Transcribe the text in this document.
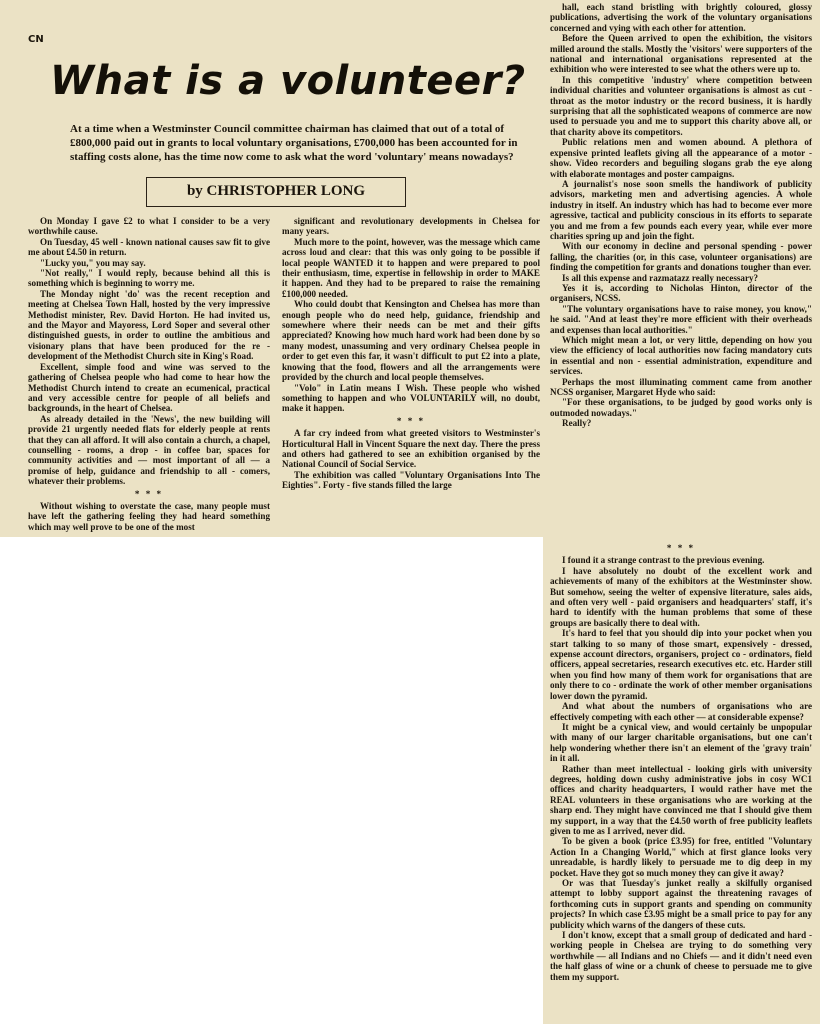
CN
What is a volunteer?

At a time when a Westminster Council committee chairman has claimed that out of a total of £800,000 paid out in grants to local voluntary organisations, £700,000 has been accounted for in staffing costs alone, has the time now come to ask what the word 'voluntary' means nowadays?

by CHRISTOPHER LONG

On Monday I gave £2 to what I consider to be a very worthwhile cause.

On Tuesday, 45 well - known national causes saw fit to give me about £4.50 in return.

"Lucky you," you may say.

"Not really," I would reply, because behind all this is something which is beginning to worry me.

The Monday night 'do' was the recent reception and meeting at Chelsea Town Hall, hosted by the very impressive Methodist minister, Rev. David Horton. He had invited us, and the Mayor and Mayoress, Lord Soper and several other distinguished guests, in order to outline the ambitious and visionary plans that have been produced for the re - development of the Methodist Church site in King's Road.

Excellent, simple food and wine was served to the gathering of Chelsea people who had come to hear how the Methodist Church intend to create an ecumenical, practical and very accessible centre for people of all beliefs and backgrounds, in the heart of Chelsea.

As already detailed in the 'News', the new building will provide 21 urgently needed flats for elderly people at rents that they can all afford. It will also contain a church, a chapel, counselling - rooms, a drop - in coffee bar, spaces for community activities and — most important of all — a promise of help, guidance and friendship to all - comers, whatever their problems.

* * *

Without wishing to overstate the case, many people must have left the gathering feeling they had heard something which may well prove to be one of the most

significant and revolutionary developments in Chelsea for many years.

Much more to the point, however, was the message which came across loud and clear: that this was only going to be possible if local people WANTED it to happen and were prepared to pool their enthusiasm, time, expertise in fellowship in order to MAKE it happen. And they had to be prepared to raise the remaining £100,000 needed.

Who could doubt that Kensington and Chelsea has more than enough people who do need help, guidance, friendship and somewhere where their needs can be met and their gifts appreciated? Knowing how much hard work had been done by so many modest, unassuming and very ordinary Chelsea people in order to get even this far, it wasn't difficult to put £2 into a plate, knowing that the food, flowers and all the arrangements were provided by the church and local people themselves.

"Volo" in Latin means I Wish. These people who wished something to happen and who VOLUNTARILY will, no doubt, make it happen.

* * *

A far cry indeed from what greeted visitors to Westminster's Horticultural Hall in Vincent Square the next day. There the press and others had gathered to see an exhibition organised by the National Council of Social Service.

The exhibition was called "Voluntary Organisations Into The Eighties". Forty - five stands filled the large

hall, each stand bristling with brightly coloured, glossy publications, advertising the work of the voluntary organisations concerned and vying with each other for attention.

Before the Queen arrived to open the exhibition, the visitors milled around the stalls. Mostly the 'visitors' were supporters of the national and international organisations represented at the exhibition who were interested to see what the others were up to.

In this competitive 'industry' where competition between individual charities and volunteer organisations is almost as cut - throat as the motor industry or the record business, it is hardly surprising that all the sophisticated weapons of commerce are now used to persuade you and me to support this charity above all, or that charity above its competitors.

Public relations men and women abound. A plethora of expensive printed leaflets giving all the appearance of a motor - show. Video recorders and beguiling slogans grab the eye along with elaborate montages and poster campaigns.

A journalist's nose soon smells the handiwork of publicity advisors, marketing men and advertising agencies. A whole industry in itself. An industry which has had to become ever more agressive, tactical and publicity conscious in its efforts to separate you and me from a few pounds each every year, while ever more charities spring up and join the fight.

With our economy in decline and personal spending - power falling, the charities (or, in this case, volunteer organisations) are finding the competition for grants and donations tougher than ever.

Is all this expense and razmatazz really necessary?

Yes it is, according to Nicholas Hinton, director of the organisers, NCSS.

"The voluntary organisations have to raise money, you know," he said. "And at least they're more efficient with their overheads and expenses than local authorities."

Which might mean a lot, or very little, depending on how you view the efficiency of local authorities now facing mandatory cuts in essential and non - essential administration, expenditure and services.

Perhaps the most illuminating comment came from another NCSS organiser, Margaret Hyde who said:

"For these organisations, to be judged by good works only is outmoded nowadays."

Really?

* * *

I found it a strange contrast to the previous evening.

I have absolutely no doubt of the excellent work and achievements of many of the exhibitors at the Westminster show. But somehow, seeing the welter of expensive literature, sales aids, and often very well - paid organisers and headquarters' staff, it's hard to identify with the human problems that some of these groups are basically there to deal with.

It's hard to feel that you should dip into your pocket when you start talking to so many of those smart, expensively - dressed, expense account directors, organisers, project co - ordinators, field officers, appeal secretaries, research executives etc. etc. Harder still when you find how many of them work for organisations that are only there to co - ordinate the work of other member organisations lower down the pyramid.

And what about the numbers of organisations who are effectively competing with each other — at considerable expense?

It might be a cynical view, and would certainly be unpopular with many of our larger charitable organisations, but one can't help wondering whether there isn't an element of the 'gravy train' in it all.

Rather than meet intellectual - looking girls with university degrees, holding down cushy administrative jobs in cosy WC1 offices and charity headquarters, I would rather have met the REAL volunteers in these organisations who are working at the sharp end. They might have convinced me that I should give them my support, in a way that the £4.50 worth of free publicity leaflets given to me as I arrived, never did.

To be given a book (price £3.95) for free, entitled "Voluntary Action In a Changing World," which at first glance looks very unreadable, is hardly likely to persuade me to dig deep in my pocket. Have they got so much money they can give it away?

Or was that Tuesday's junket really a skilfully organised attempt to lobby support against the threatening ravages of forthcoming cuts in support grants and spending on community projects? In which case £3.95 might be a small price to pay for any publicity which warns of the dangers of these cuts.

I don't know, except that a small group of dedicated and hard - working people in Chelsea are trying to do something very worthwhile — all Indians and no Chiefs — and it didn't need even the half glass of wine or a chunk of cheese to persuade me to give them my support.
